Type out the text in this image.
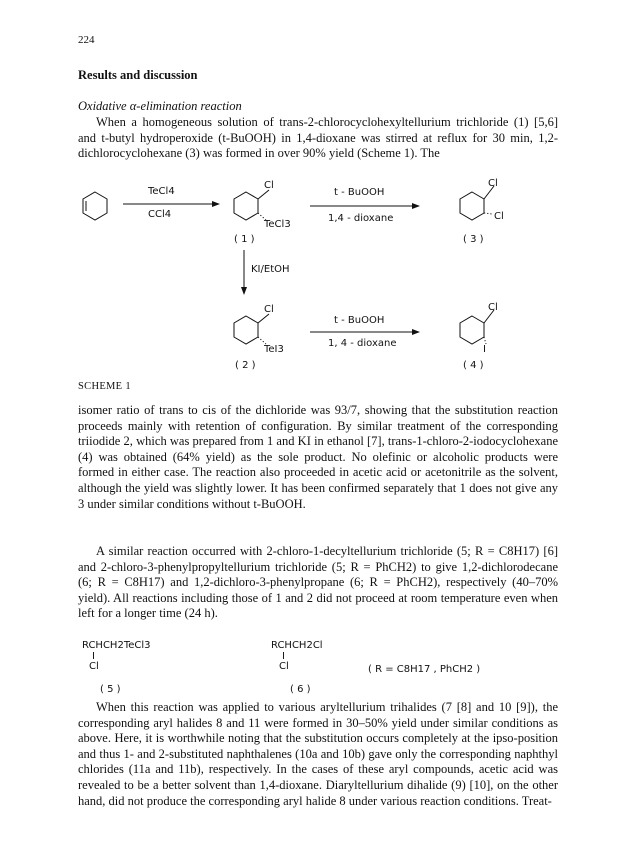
224
Results and discussion
Oxidative α-elimination reaction

When a homogeneous solution of trans-2-chlorocyclohexyltellurium trichloride (1) [5,6] and t-butyl hydroperoxide (t-BuOOH) in 1,4-dioxane was stirred at reflux for 30 min, 1,2-dichlorocyclohexane (3) was formed in over 90% yield (Scheme 1). The

TeCl4
CCl4
Cl
TeCl3
( 1 )
t - BuOOH
1,4 - dioxane
Cl
Cl
( 3 )
KI/EtOH
Cl
TeI3
( 2 )
t - BuOOH
1, 4 - dioxane
Cl
I
( 4 )
SCHEME 1

isomer ratio of trans to cis of the dichloride was 93/7, showing that the substitution reaction proceeds mainly with retention of configuration. By similar treatment of the corresponding triiodide 2, which was prepared from 1 and KI in ethanol [7], trans-1-chloro-2-iodocyclohexane (4) was obtained (64% yield) as the sole product. No olefinic or alcoholic products were formed in either case. The reaction also proceeded in acetic acid or acetonitrile as the solvent, although the yield was slightly lower. It has been confirmed separately that 1 does not give any 3 under similar conditions without t-BuOOH.

A similar reaction occurred with 2-chloro-1-decyltellurium trichloride (5; R = C8H17) [6] and 2-chloro-3-phenylpropyltellurium trichloride (5; R = PhCH2) to give 1,2-dichlorodecane (6; R = C8H17) and 1,2-dichloro-3-phenylpropane (6; R = PhCH2), respectively (40–70% yield). All reactions including those of 1 and 2 did not proceed at room temperature even when left for a longer time (24 h).

RCHCH2TeCl3
I
Cl
RCHCH2Cl
I
Cl	( R = C8H17 , PhCH2 )
( 5 )	( 6 )

When this reaction was applied to various aryltellurium trihalides (7 [8] and 10 [9]), the corresponding aryl halides 8 and 11 were formed in 30–50% yield under similar conditions as above. Here, it is worthwhile noting that the substitution occurs completely at the ipso-position and thus 1- and 2-substituted naphthalenes (10a and 10b) gave only the corresponding naphthyl chlorides (11a and 11b), respectively. In the cases of these aryl compounds, acetic acid was revealed to be a better solvent than 1,4-dioxane. Diaryltellurium dihalide (9) [10], on the other hand, did not produce the corresponding aryl halide 8 under various reaction conditions. Treat-
